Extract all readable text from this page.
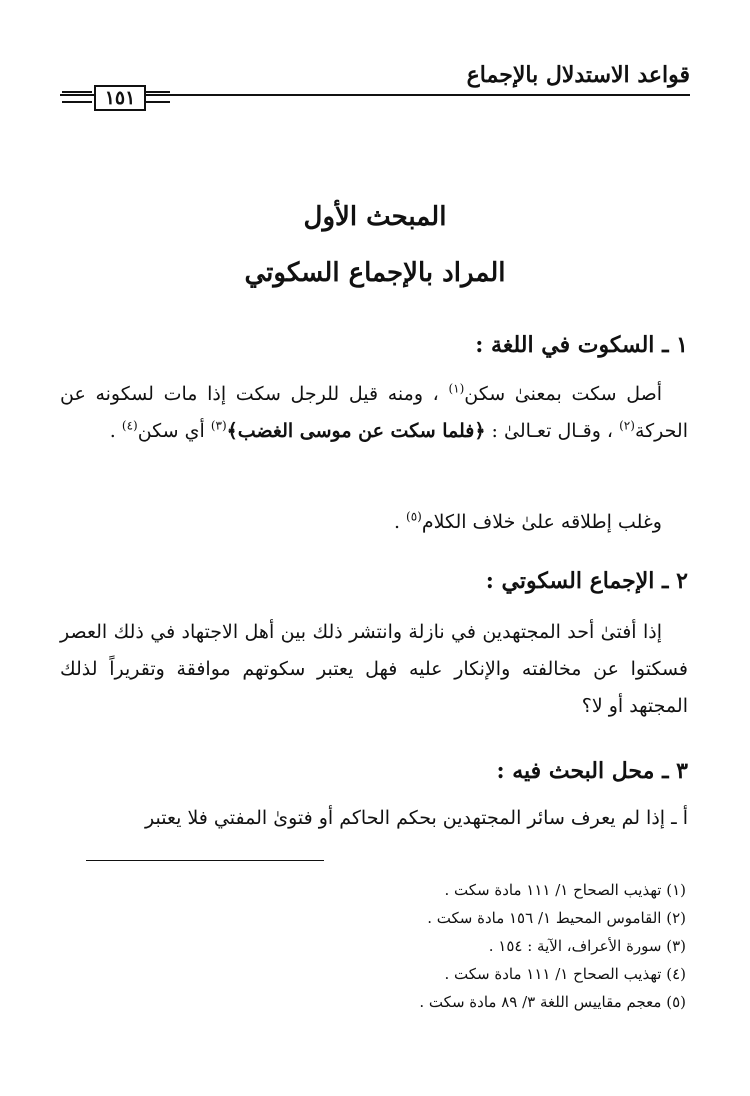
قواعد الاستدلال بالإجماع
١٥١
المبحث الأول
المراد بالإجماع السكوتي
١ ـ السكوت في اللغة :

أصل سكت بمعنىٰ سكن$^{(١)}$ ، ومنه قيل للرجل سكت إذا مات لسكونه عن الحركة$^{(٢)}$ ، وقـال تعـالىٰ : ﴿فلما سكت عن موسى الغضب﴾$^{(٣)}$ أي سكن$^{(٤)}$ .

وغلب إطلاقه علىٰ خلاف الكلام$^{(٥)}$ .

٢ ـ الإجماع السكوتي :

إذا أفتىٰ أحد المجتهدين في نازلة وانتشر ذلك بين أهل الاجتهاد في ذلك العصر فسكتوا عن مخالفته والإنكار عليه فهل يعتبر سكوتهم موافقة وتقريراً لذلك المجتهد أو لا؟

٣ ـ محل البحث فيه :

أ ـ إذا لم يعرف سائر المجتهدين بحكم الحاكم أو فتوىٰ المفتي فلا يعتبر

(١) تهذيب الصحاح ١/ ١١١ مادة سكت .
(٢) القاموس المحيط ١/ ١٥٦ مادة سكت .
(٣) سورة الأعراف، الآية : ١٥٤ .
(٤) تهذيب الصحاح ١/ ١١١ مادة سكت .
(٥) معجم مقاييس اللغة ٣/ ٨٩ مادة سكت .
